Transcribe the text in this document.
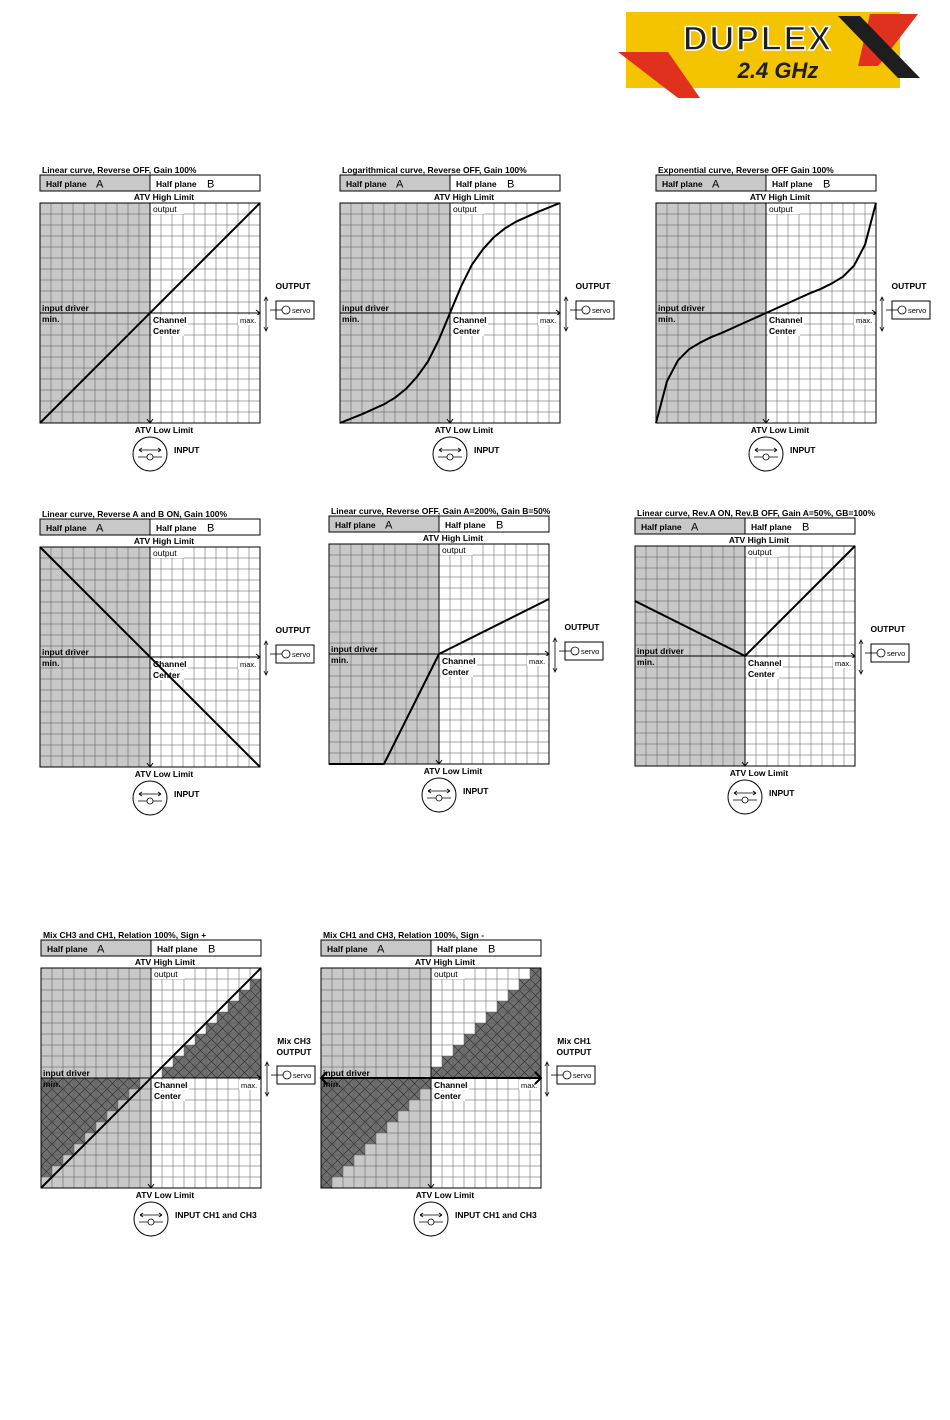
DUPLEX
2.4 GHz
Linear curve, Reverse OFF, Gain 100%
Half plane A	Half plane B
ATV High Limit
output
input driver
min.	max.
Channel
Center
ATV Low Limit
INPUT
OUTPUT
servo
Logarithmical curve, Reverse OFF, Gain 100%
Half plane A	Half plane B
ATV High Limit
output
input driver
min.	max.
Channel
Center
ATV Low Limit
INPUT
OUTPUT
servo
Exponential curve, Reverse OFF Gain 100%
Half plane A	Half plane B
ATV High Limit
output
input driver
min.	max.
Channel
Center
ATV Low Limit
INPUT
OUTPUT
servo
Linear curve, Reverse A and B ON, Gain 100%
Half plane A	Half plane B
ATV High Limit
output
input driver
min.	max.
Channel
Center
ATV Low Limit
INPUT
OUTPUT
servo
Linear curve, Reverse OFF, Gain A=200%, Gain B=50%
Half plane A	Half plane B
ATV High Limit
output
input driver
min.	max.
Channel
Center
ATV Low Limit
INPUT
OUTPUT
servo
Linear curve, Rev.A ON, Rev.B OFF, Gain A=50%, GB=100%
Half plane A	Half plane B
ATV High Limit
output
input driver
min.	max.
Channel
Center
ATV Low Limit
INPUT
OUTPUT
servo
Mix CH3 and CH1, Relation 100%, Sign +
Half plane A	Half plane B
ATV High Limit
output
input driver
min.	max.
Channel
Center
ATV Low Limit
INPUT CH1 and CH3
Mix CH3
OUTPUT
servo
Mix CH1 and CH3, Relation 100%, Sign -
Half plane A	Half plane B
ATV High Limit
output
input driver
min.	max.
Channel
Center
ATV Low Limit
INPUT CH1 and CH3
Mix CH1
OUTPUT
servo
